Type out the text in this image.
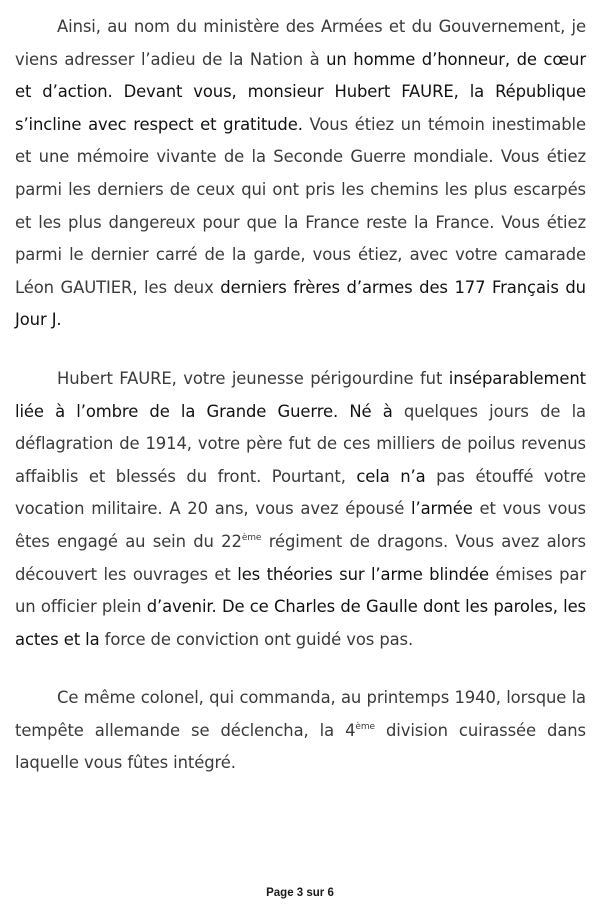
Ainsi, au nom du ministère des Armées et du Gouvernement, je viens adresser l’adieu de la Nation à un homme d’honneur, de cœur et d’action. Devant vous, monsieur Hubert FAURE, la République s’incline avec respect et gratitude. Vous étiez un témoin inestimable et une mémoire vivante de la Seconde Guerre mondiale. Vous étiez parmi les derniers de ceux qui ont pris les chemins les plus escarpés et les plus dangereux pour que la France reste la France. Vous étiez parmi le dernier carré de la garde, vous étiez, avec votre camarade Léon GAUTIER, les deux derniers frères d’armes des 177 Français du Jour J.

Hubert FAURE, votre jeunesse périgourdine fut inséparablement liée à l’ombre de la Grande Guerre. Né à quelques jours de la déflagration de 1914, votre père fut de ces milliers de poilus revenus affaiblis et blessés du front. Pourtant, cela n’a pas étouffé votre vocation militaire. A 20 ans, vous avez épousé l’armée et vous vous êtes engagé au sein du 22ème régiment de dragons. Vous avez alors découvert les ouvrages et les théories sur l’arme blindée émises par un officier plein d’avenir. De ce Charles de Gaulle dont les paroles, les actes et la force de conviction ont guidé vos pas.

Ce même colonel, qui commanda, au printemps 1940, lorsque la tempête allemande se déclencha, la 4ème division cuirassée dans laquelle vous fûtes intégré.

Page 3 sur 6
